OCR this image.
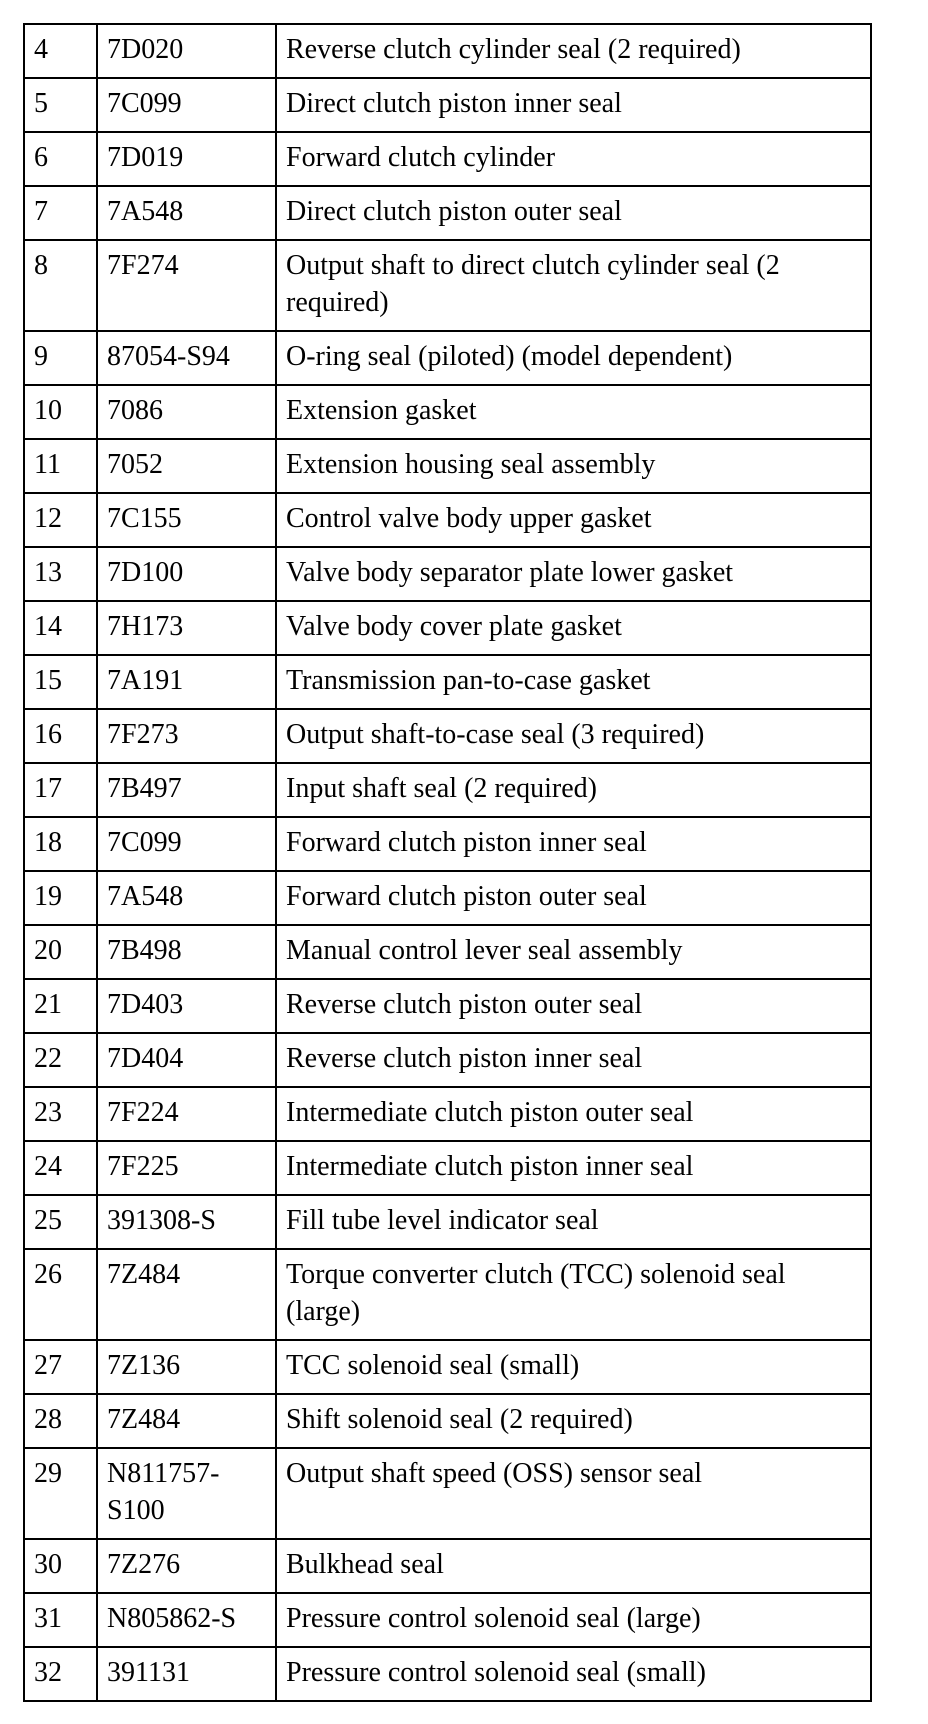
4	7D020	Reverse clutch cylinder seal (2 required)
5	7C099	Direct clutch piston inner seal
6	7D019	Forward clutch cylinder
7	7A548	Direct clutch piston outer seal
8	7F274	Output shaft to direct clutch cylinder seal (2 required)
9	87054-S94	O-ring seal (piloted) (model dependent)
10	7086	Extension gasket
11	7052	Extension housing seal assembly
12	7C155	Control valve body upper gasket
13	7D100	Valve body separator plate lower gasket
14	7H173	Valve body cover plate gasket
15	7A191	Transmission pan-to-case gasket
16	7F273	Output shaft-to-case seal (3 required)
17	7B497	Input shaft seal (2 required)
18	7C099	Forward clutch piston inner seal
19	7A548	Forward clutch piston outer seal
20	7B498	Manual control lever seal assembly
21	7D403	Reverse clutch piston outer seal
22	7D404	Reverse clutch piston inner seal
23	7F224	Intermediate clutch piston outer seal
24	7F225	Intermediate clutch piston inner seal
25	391308-S	Fill tube level indicator seal
26	7Z484	Torque converter clutch (TCC) solenoid seal (large)
27	7Z136	TCC solenoid seal (small)
28	7Z484	Shift solenoid seal (2 required)
29	N811757-S100	Output shaft speed (OSS) sensor seal
30	7Z276	Bulkhead seal
31	N805862-S	Pressure control solenoid seal (large)
32	391131	Pressure control solenoid seal (small)
